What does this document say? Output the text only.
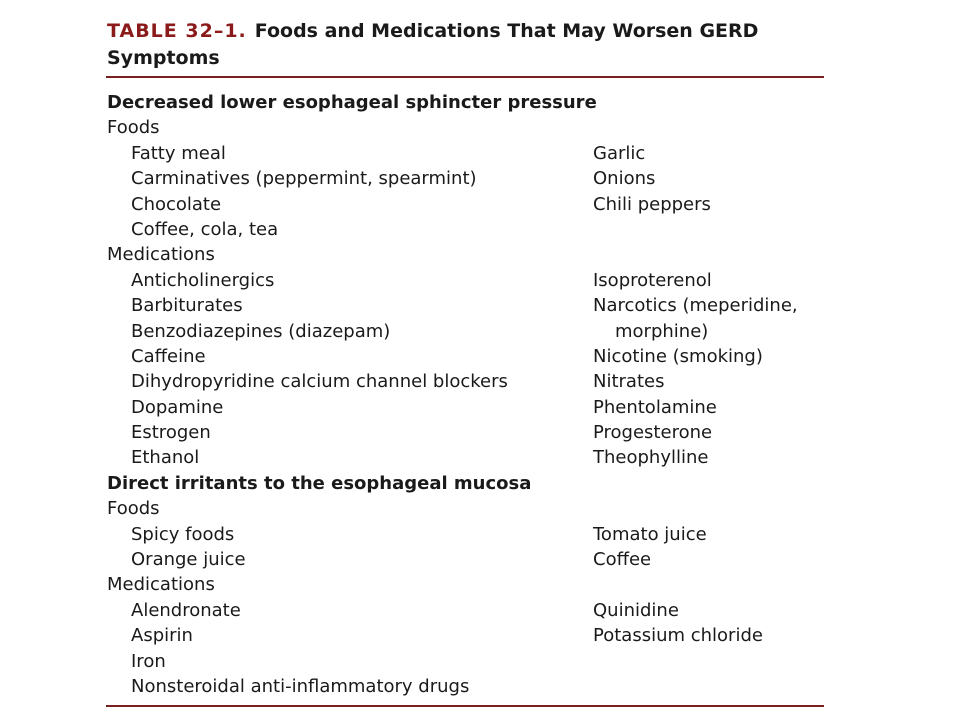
TABLE 32–1. Foods and Medications That May Worsen GERD Symptoms
Decreased lower esophageal sphincter pressure
Foods
Fatty meal	Garlic
Carminatives (peppermint, spearmint)	Onions
Chocolate	Chili peppers
Coffee, cola, tea
Medications
Anticholinergics	Isoproterenol
Barbiturates	Narcotics (meperidine,
Benzodiazepines (diazepam)	morphine)
Caffeine	Nicotine (smoking)
Dihydropyridine calcium channel blockers	Nitrates
Dopamine	Phentolamine
Estrogen	Progesterone
Ethanol	Theophylline
Direct irritants to the esophageal mucosa
Foods
Spicy foods	Tomato juice
Orange juice	Coffee
Medications
Alendronate	Quinidine
Aspirin	Potassium chloride
Iron
Nonsteroidal anti-inflammatory drugs
